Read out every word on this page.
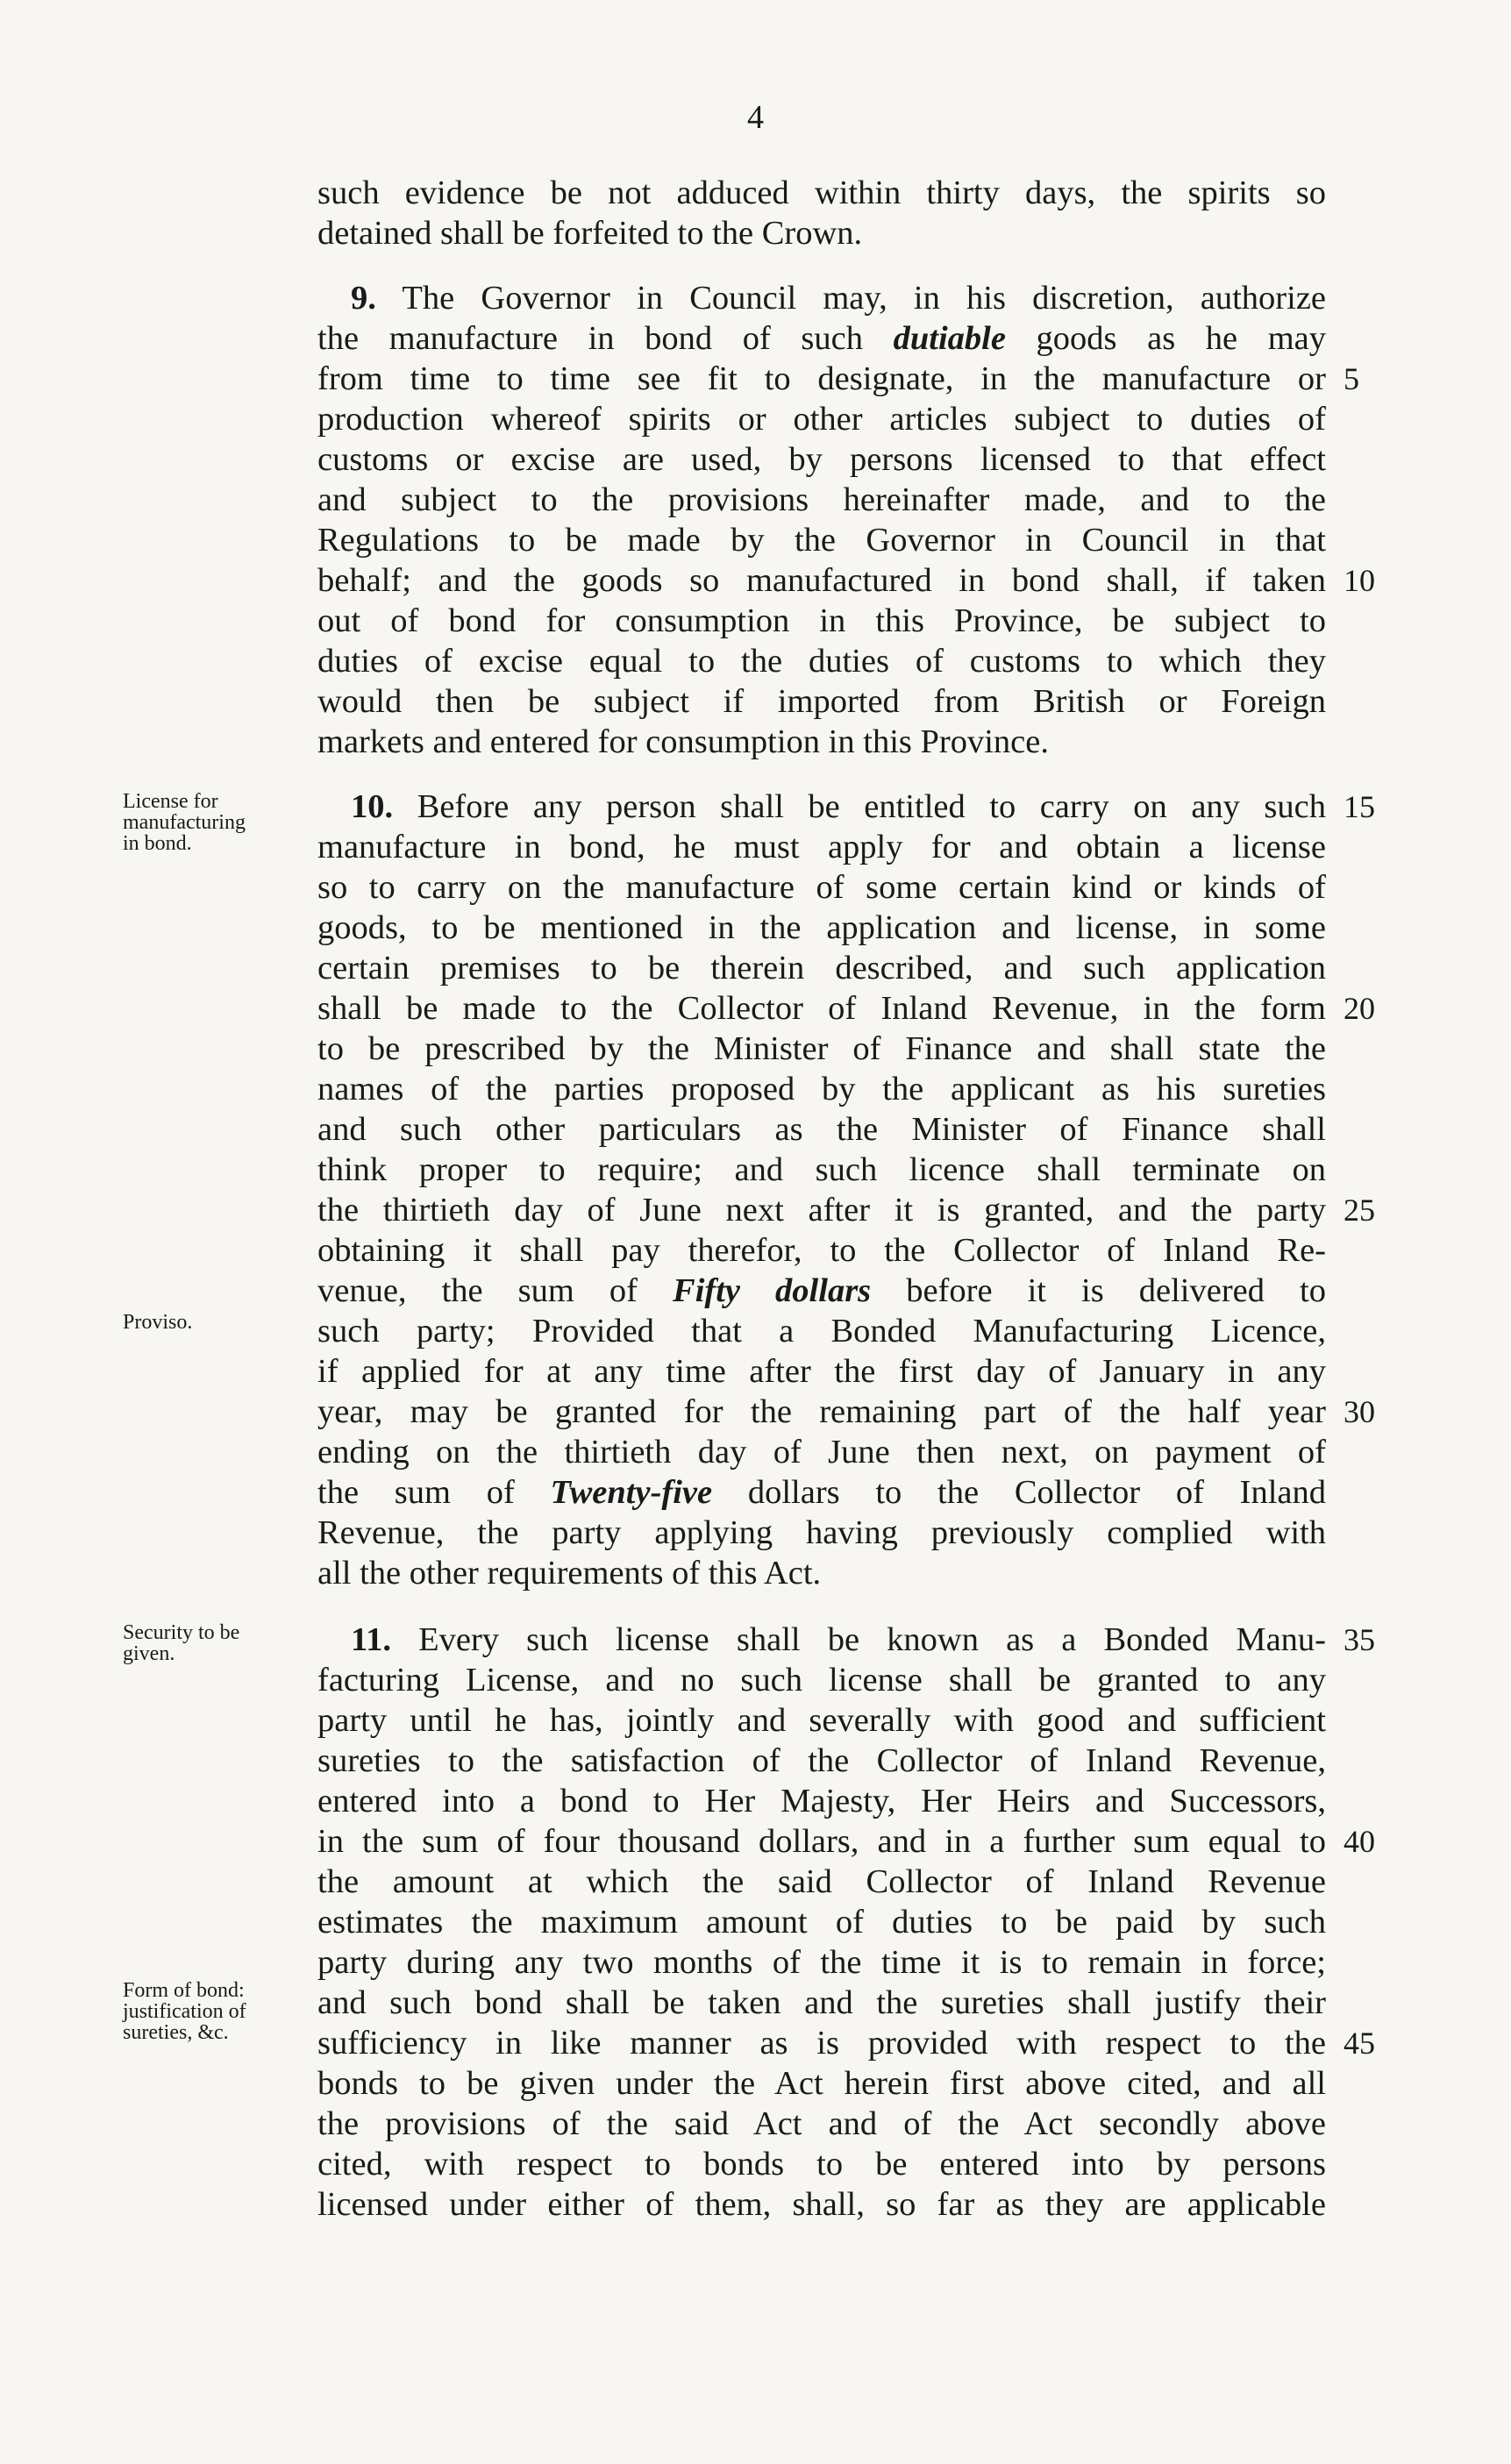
4
such evidence be not adduced within thirty days, the spirits so
detained shall be forfeited to the Crown.
9. The Governor in Council may, in his discretion, authorize
the manufacture in bond of such dutiable goods as he may
from time to time see fit to designate, in the manufacture or
production whereof spirits or other articles subject to duties of
customs or excise are used, by persons licensed to that effect
and subject to the provisions hereinafter made, and to the
Regulations to be made by the Governor in Council in that
behalf; and the goods so manufactured in bond shall, if taken
out of bond for consumption in this Province, be subject to
duties of excise equal to the duties of customs to which they
would then be subject if imported from British or Foreign
markets and entered for consumption in this Province.
10. Before any person shall be entitled to carry on any such
manufacture in bond, he must apply for and obtain a license
so to carry on the manufacture of some certain kind or kinds of
goods, to be mentioned in the application and license, in some
certain premises to be therein described, and such application
shall be made to the Collector of Inland Revenue, in the form
to be prescribed by the Minister of Finance and shall state the
names of the parties proposed by the applicant as his sureties
and such other particulars as the Minister of Finance shall
think proper to require; and such licence shall terminate on
the thirtieth day of June next after it is granted, and the party
obtaining it shall pay therefor, to the Collector of Inland Re-
venue, the sum of Fifty dollars before it is delivered to
such party; Provided that a Bonded Manufacturing Licence,
if applied for at any time after the first day of January in any
year, may be granted for the remaining part of the half year
ending on the thirtieth day of June then next, on payment of
the sum of Twenty-five dollars to the Collector of Inland
Revenue, the party applying having previously complied with
all the other requirements of this Act.
11. Every such license shall be known as a Bonded Manu-
facturing License, and no such license shall be granted to any
party until he has, jointly and severally with good and sufficient
sureties to the satisfaction of the Collector of Inland Revenue,
entered into a bond to Her Majesty, Her Heirs and Successors,
in the sum of four thousand dollars, and in a further sum equal to
the amount at which the said Collector of Inland Revenue
estimates the maximum amount of duties to be paid by such
party during any two months of the time it is to remain in force;
and such bond shall be taken and the sureties shall justify their
sufficiency in like manner as is provided with respect to the
bonds to be given under the Act herein first above cited, and all
the provisions of the said Act and of the Act secondly above
cited, with respect to bonds to be entered into by persons
licensed under either of them, shall, so far as they are applicable
5
10
15
20
25
30
35
40
45
License for
manufacturing
in bond.
Proviso.
Security to be
given.
Form of bond:
justification of
sureties, &c.
